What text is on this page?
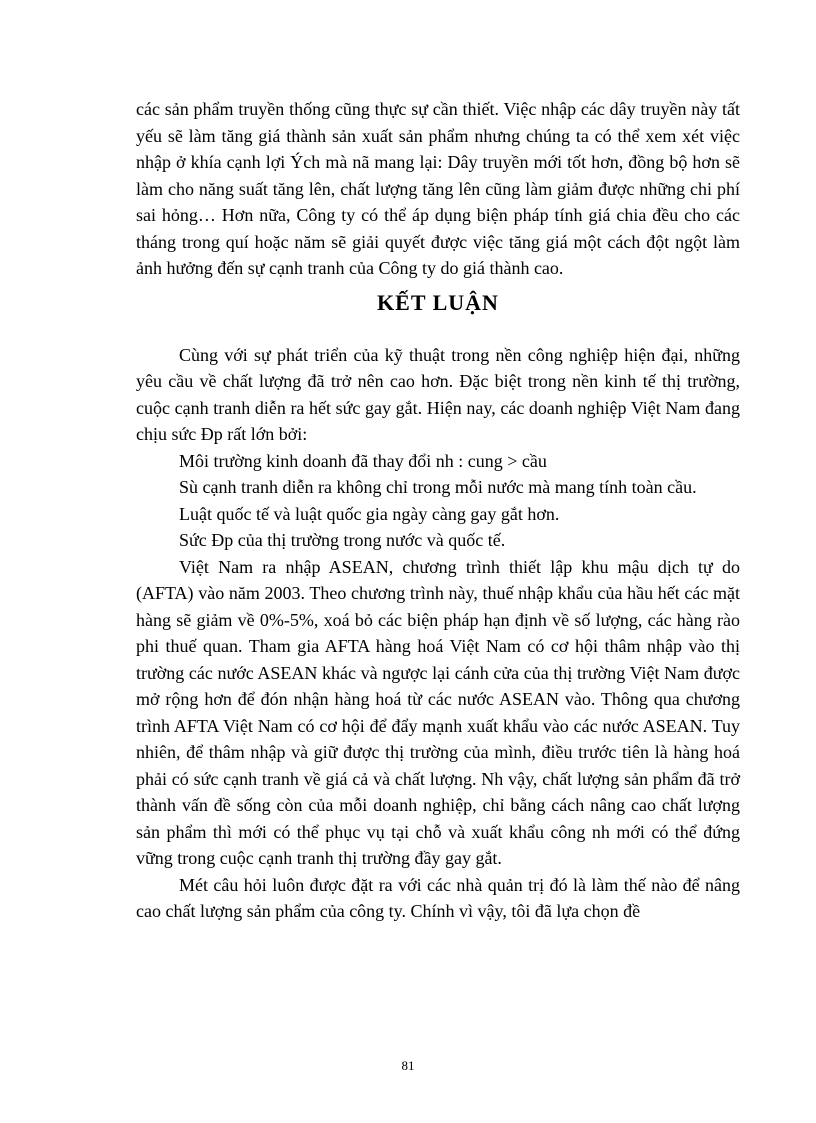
các sản phẩm truyền thống cũng thực sự cần thiết. Việc nhập các dây truyền này tất yếu sẽ làm tăng giá thành sản xuất sản phẩm nhưng chúng ta có thể xem xét việc nhập ở khía cạnh lợi Ých mà nã mang lại: Dây truyền mới tốt hơn, đồng bộ hơn sẽ làm cho năng suất tăng lên, chất lượng tăng lên cũng làm giảm được những chi phí sai hỏng… Hơn nữa, Công ty có thể áp dụng biện pháp tính giá chia đều cho các tháng trong quí hoặc năm sẽ giải quyết được việc tăng giá một cách đột ngột làm ảnh hưởng đến sự cạnh tranh của Công ty do giá thành cao.

KẾT LUẬN

Cùng với sự phát triển của kỹ thuật trong nền công nghiệp hiện đại, những yêu cầu về chất lượng đã trở nên cao hơn. Đặc biệt trong nền kinh tế thị trường, cuộc cạnh tranh diễn ra hết sức gay gắt. Hiện nay, các doanh nghiệp Việt Nam đang chịu sức Ðp rất lớn bởi:

Môi trường kinh doanh đã thay đổi nh : cung > cầu

Sù cạnh tranh diễn ra không chỉ trong mỗi nước mà mang tính toàn cầu.

Luật quốc tế và luật quốc gia ngày càng gay gắt hơn.

Sức Ðp của thị trường trong nước và quốc tế.

Việt Nam ra nhập ASEAN, chương trình thiết lập khu mậu dịch tự do (AFTA) vào năm 2003. Theo chương trình này, thuế nhập khẩu của hầu hết các mặt hàng sẽ giảm về 0%-5%, xoá bỏ các biện pháp hạn định về số lượng, các hàng rào phi thuế quan. Tham gia AFTA hàng hoá Việt Nam có cơ hội thâm nhập vào thị trường các nước ASEAN khác và ngược lại cánh cửa của thị trường Việt Nam được mở rộng hơn để đón nhận hàng hoá từ các nước ASEAN vào. Thông qua chương trình AFTA Việt Nam có cơ hội để đẩy mạnh xuất khẩu vào các nước ASEAN. Tuy nhiên, để thâm nhập và giữ được thị trường của mình, điều trước tiên là hàng hoá phải có sức cạnh tranh về giá cả và chất lượng. Nh vậy, chất lượng sản phẩm đã trở thành vấn đề sống còn của mỗi doanh nghiệp, chỉ bằng cách nâng cao chất lượng sản phẩm thì mới có thể phục vụ tại chỗ và xuất khẩu công nh mới có thể đứng vững trong cuộc cạnh tranh thị trường đầy gay gắt.

Mét câu hỏi luôn được đặt ra với các nhà quản trị đó là làm thế nào để nâng cao chất lượng sản phẩm của công ty. Chính vì vậy, tôi đã lựa chọn đề

81
